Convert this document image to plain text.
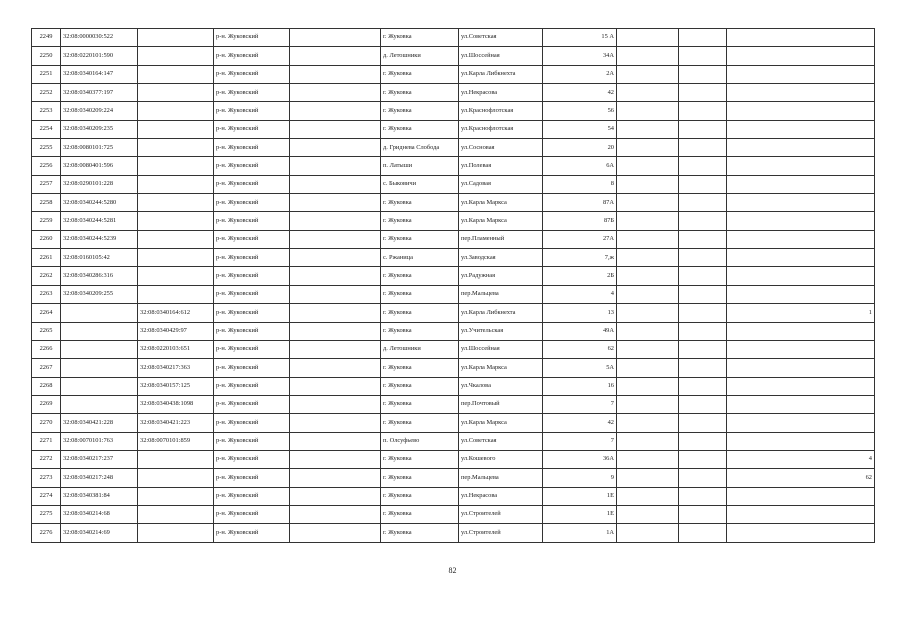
2249	32:08:0000030:522		р-н. Жуковский		г. Жуковка	ул.Советская	15 А			
2250	32:08:0220101:590		р-н. Жуковский		д. Летошники	ул.Шоссейная	34А			
2251	32:08:0340164:147		р-н. Жуковский		г. Жуковка	ул.Карла Либкнехта	2А			
2252	32:08:0340377:197		р-н. Жуковский		г. Жуковка	ул.Некрасова	42			
2253	32:08:0340209:224		р-н. Жуковский		г. Жуковка	ул.Краснофлотская	56			
2254	32:08:0340209:235		р-н. Жуковский		г. Жуковка	ул.Краснофлотская	54			
2255	32:08:0080101:725		р-н. Жуковский		д. Гриднева Слобода	ул.Сосновая	20			
2256	32:08:0080401:596		р-н. Жуковский		п. Латыши	ул.Полевая	6А			
2257	32:08:0290101:228		р-н. Жуковский		с. Быковичи	ул.Садовая	8			
2258	32:08:0340244:5280		р-н. Жуковский		г. Жуковка	ул.Карла Маркса	87А			
2259	32:08:0340244:5281		р-н. Жуковский		г. Жуковка	ул.Карла Маркса	87Б			
2260	32:08:0340244:5239		р-н. Жуковский		г. Жуковка	пер.Пламенный	27А			
2261	32:08:0160105:42		р-н. Жуковский		с. Ржаница	ул.Заводская	7,ж			
2262	32:08:0340286:316		р-н. Жуковский		г. Жуковка	ул.Радужная	2Б			
2263	32:08:0340209:255		р-н. Жуковский		г. Жуковка	пер.Мальцева	4			
2264		32:08:0340164:612	р-н. Жуковский		г. Жуковка	ул.Карла Либкнехта	13			1
2265		32:08:0340429:97	р-н. Жуковский		г. Жуковка	ул.Учительская	49А			
2266		32:08:0220103:651	р-н. Жуковский		д. Летошники	ул.Шоссейная	62			
2267		32:08:0340217:363	р-н. Жуковский		г. Жуковка	ул.Карла Маркса	5А			
2268		32:08:0340157:125	р-н. Жуковский		г. Жуковка	ул.Чкалова	16			
2269		32:08:0340438:1098	р-н. Жуковский		г. Жуковка	пер.Почтовый	7			
2270	32:08:0340421:228	32:08:0340421:223	р-н. Жуковский		г. Жуковка	ул.Карла Маркса	42			
2271	32:08:0070101:763	32:08:0070101:859	р-н. Жуковский		п. Олсуфьево	ул.Советская	7			
2272	32:08:0340217:237		р-н. Жуковский		г. Жуковка	ул.Кошевого	36А			4
2273	32:08:0340217:248		р-н. Жуковский		г. Жуковка	пер.Мальцева	9			62
2274	32:08:0340381:84		р-н. Жуковский		г. Жуковка	ул.Некрасова	1Е			
2275	32:08:0340214:68		р-н. Жуковский		г. Жуковка	ул.Строителей	1Е			
2276	32:08:0340214:69		р-н. Жуковский		г. Жуковка	ул.Строителей	1А			
82
